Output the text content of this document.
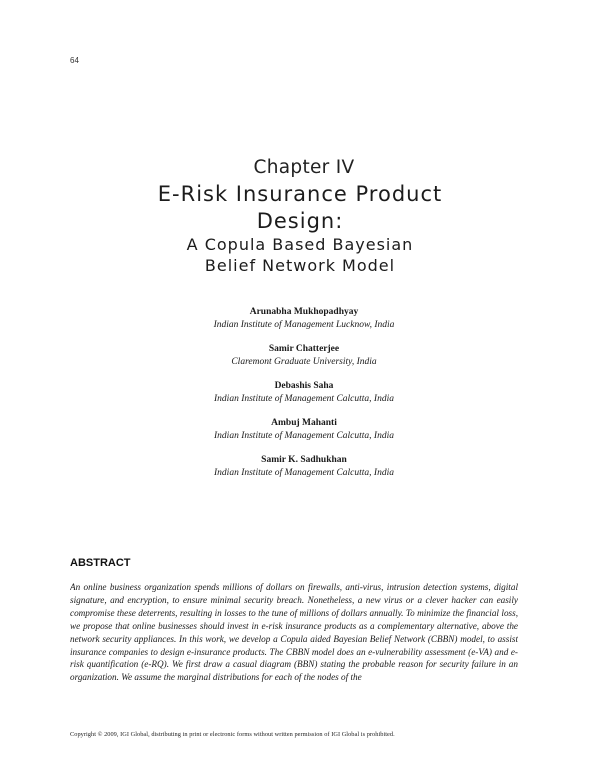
64
Chapter IV
E-Risk Insurance Product
Design:
A Copula Based Bayesian
Belief Network Model
Arunabha Mukhopadhyay
Indian Institute of Management Lucknow, India
Samir Chatterjee
Claremont Graduate University, India
Debashis Saha
Indian Institute of Management Calcutta, India
Ambuj Mahanti
Indian Institute of Management Calcutta, India
Samir K. Sadhukhan
Indian Institute of Management Calcutta, India
ABSTRACT

An online business organization spends millions of dollars on firewalls, anti-virus, intrusion detection systems, digital signature, and encryption, to ensure minimal security breach. Nonetheless, a new virus or a clever hacker can easily compromise these deterrents, resulting in losses to the tune of millions of dollars annually. To minimize the financial loss, we propose that online businesses should invest in e-risk insurance products as a complementary alternative, above the network security appliances. In this work, we develop a Copula aided Bayesian Belief Network (CBBN) model, to assist insurance companies to design e-insurance products. The CBBN model does an e-vulnerability assessment (e-VA) and e-risk quantification (e-RQ). We first draw a casual diagram (BBN) stating the probable reason for security failure in an organization. We assume the marginal distributions for each of the nodes of the

Copyright © 2009, IGI Global, distributing in print or electronic forms without written permission of IGI Global is prohibited.
